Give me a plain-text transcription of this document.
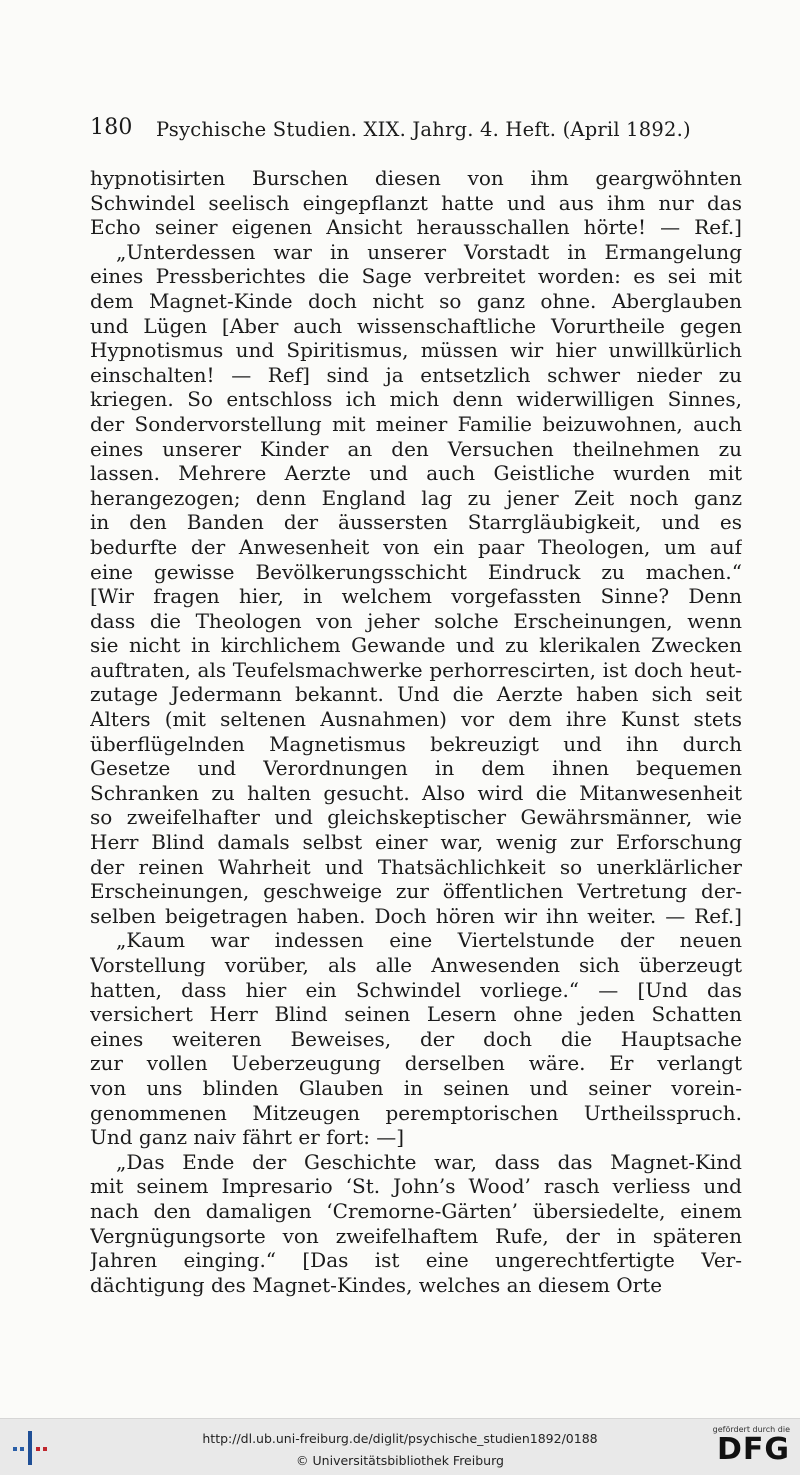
180 Psychische Studien. XIX. Jahrg. 4. Heft. (April 1892.)
hypnotisirten Burschen diesen von ihm geargwöhnten
Schwindel seelisch eingepflanzt hatte und aus ihm nur das
Echo seiner eigenen Ansicht herausschallen hörte! — Ref.]
„Unterdessen war in unserer Vorstadt in Ermangelung
eines Pressberichtes die Sage verbreitet worden: es sei mit
dem Magnet-Kinde doch nicht so ganz ohne. Aberglauben
und Lügen [Aber auch wissenschaftliche Vorurtheile gegen
Hypnotismus und Spiritismus, müssen wir hier unwillkürlich
einschalten! — Ref] sind ja entsetzlich schwer nieder zu
kriegen. So entschloss ich mich denn widerwilligen Sinnes,
der Sondervorstellung mit meiner Familie beizuwohnen, auch
eines unserer Kinder an den Versuchen theilnehmen zu
lassen. Mehrere Aerzte und auch Geistliche wurden mit
herangezogen; denn England lag zu jener Zeit noch ganz
in den Banden der äussersten Starrgläubigkeit, und es
bedurfte der Anwesenheit von ein paar Theologen, um auf
eine gewisse Bevölkerungsschicht Eindruck zu machen.“
[Wir fragen hier, in welchem vorgefassten Sinne? Denn
dass die Theologen von jeher solche Erscheinungen, wenn
sie nicht in kirchlichem Gewande und zu klerikalen Zwecken
auftraten, als Teufelsmachwerke perhorrescirten, ist doch heut-
zutage Jedermann bekannt. Und die Aerzte haben sich seit
Alters (mit seltenen Ausnahmen) vor dem ihre Kunst stets
überflügelnden Magnetismus bekreuzigt und ihn durch
Gesetze und Verordnungen in dem ihnen bequemen
Schranken zu halten gesucht. Also wird die Mitanwesenheit
so zweifelhafter und gleichskeptischer Gewährsmänner, wie
Herr Blind damals selbst einer war, wenig zur Erforschung
der reinen Wahrheit und Thatsächlichkeit so unerklärlicher
Erscheinungen, geschweige zur öffentlichen Vertretung der-
selben beigetragen haben. Doch hören wir ihn weiter. — Ref.]
„Kaum war indessen eine Viertelstunde der neuen
Vorstellung vorüber, als alle Anwesenden sich überzeugt
hatten, dass hier ein Schwindel vorliege.“ — [Und das
versichert Herr Blind seinen Lesern ohne jeden Schatten
eines weiteren Beweises, der doch die Hauptsache
zur vollen Ueberzeugung derselben wäre. Er verlangt
von uns blinden Glauben in seinen und seiner vorein-
genommenen Mitzeugen peremptorischen Urtheilsspruch.
Und ganz naiv fährt er fort: —]
„Das Ende der Geschichte war, dass das Magnet-Kind
mit seinem Impresario ‘St. John’s Wood’ rasch verliess und
nach den damaligen ‘Cremorne-Gärten’ übersiedelte, einem
Vergnügungsorte von zweifelhaftem Rufe, der in späteren
Jahren einging.“ [Das ist eine ungerechtfertigte Ver-
dächtigung des Magnet-Kindes, welches an diesem Orte
http://dl.ub.uni-freiburg.de/diglit/psychische_studien1892/0188
© Universitätsbibliothek Freiburg
gefördert durch die
DFG
